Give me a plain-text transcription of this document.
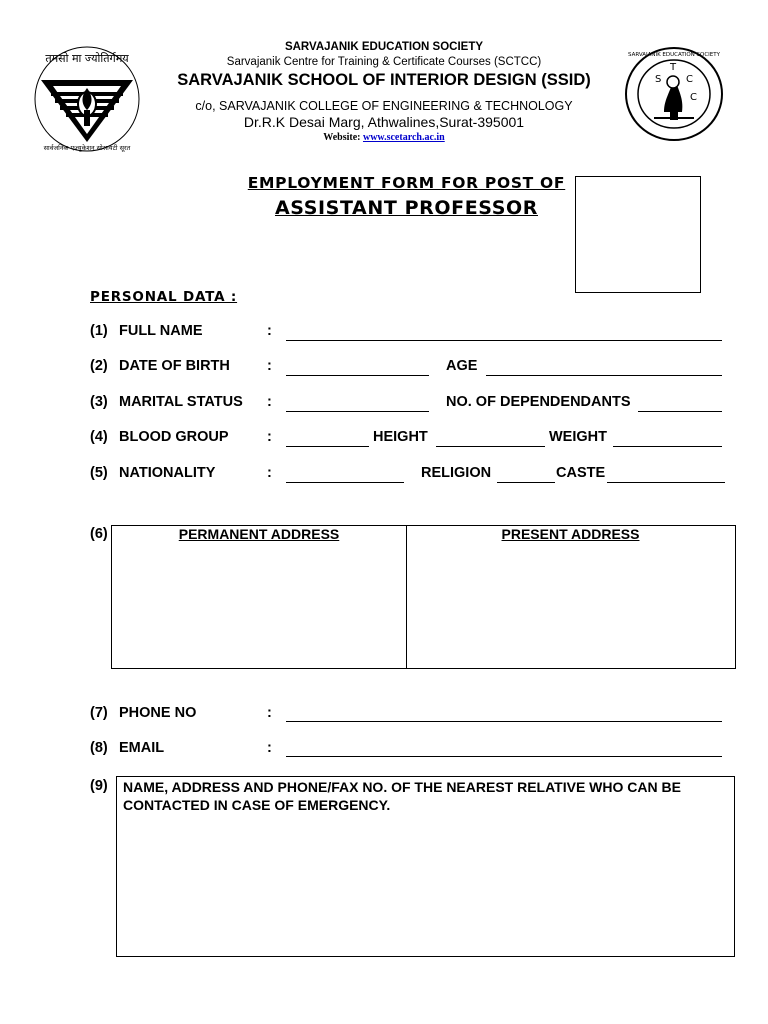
तमसो मा ज्योतिर्गमय
सार्वजनिक एज्युकेशन सोसायटी सूरत
SARVAJANIK EDUCATION SOCIETY
S
T
C
C
SARVAJANIK EDUCATION SOCIETY
Sarvajanik Centre for Training & Certificate Courses (SCTCC)
SARVAJANIK SCHOOL OF INTERIOR DESIGN (SSID)
c/o, SARVAJANIK COLLEGE OF ENGINEERING & TECHNOLOGY
Dr.R.K Desai Marg, Athwalines,Surat-395001
Website: www.scetarch.ac.in
EMPLOYMENT FORM FOR POST OF
ASSISTANT PROFESSOR
PERSONAL DATA :
(1) FULL NAME	:
(2) DATE OF BIRTH	:	AGE
(3) MARITAL STATUS :	NO. OF DEPENDENDANTS
(4) BLOOD GROUP	:	HEIGHT	WEIGHT
(5) NATIONALITY	:	RELIGION	CASTE
(6)	PERMANENT ADDRESS	PRESENT ADDRESS
(7) PHONE NO	:
(8) EMAIL	:
(9) NAME, ADDRESS AND PHONE/FAX NO. OF THE NEAREST RELATIVE WHO CAN BE CONTACTED IN CASE OF EMERGENCY.
